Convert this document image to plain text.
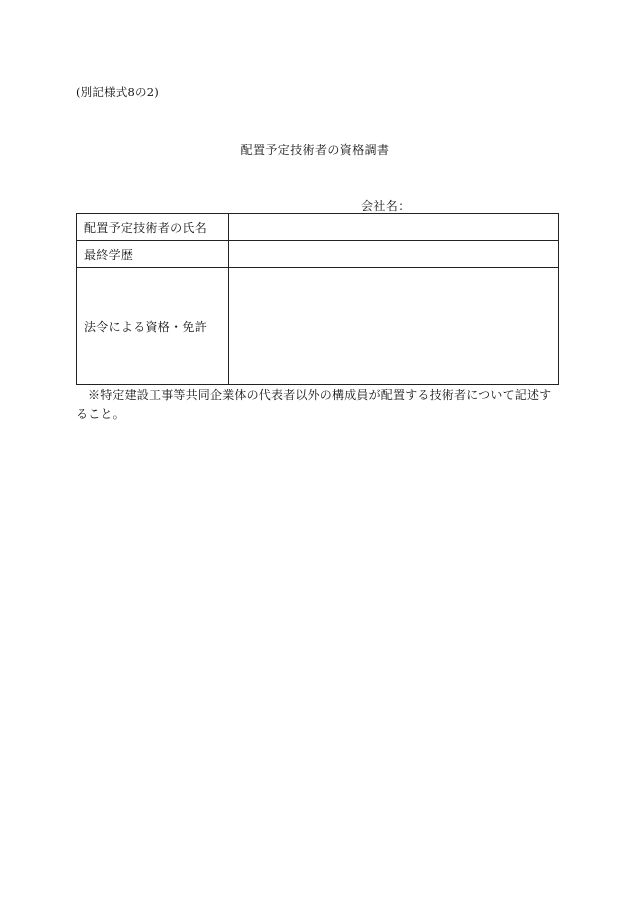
(別記様式8の2)
配置予定技術者の資格調書
会社名：
配置予定技術者の氏名	
最終学歴	
法令による資格・免許	
※特定建設工事等共同企業体の代表者以外の構成員が配置する技術者について記述すること。
